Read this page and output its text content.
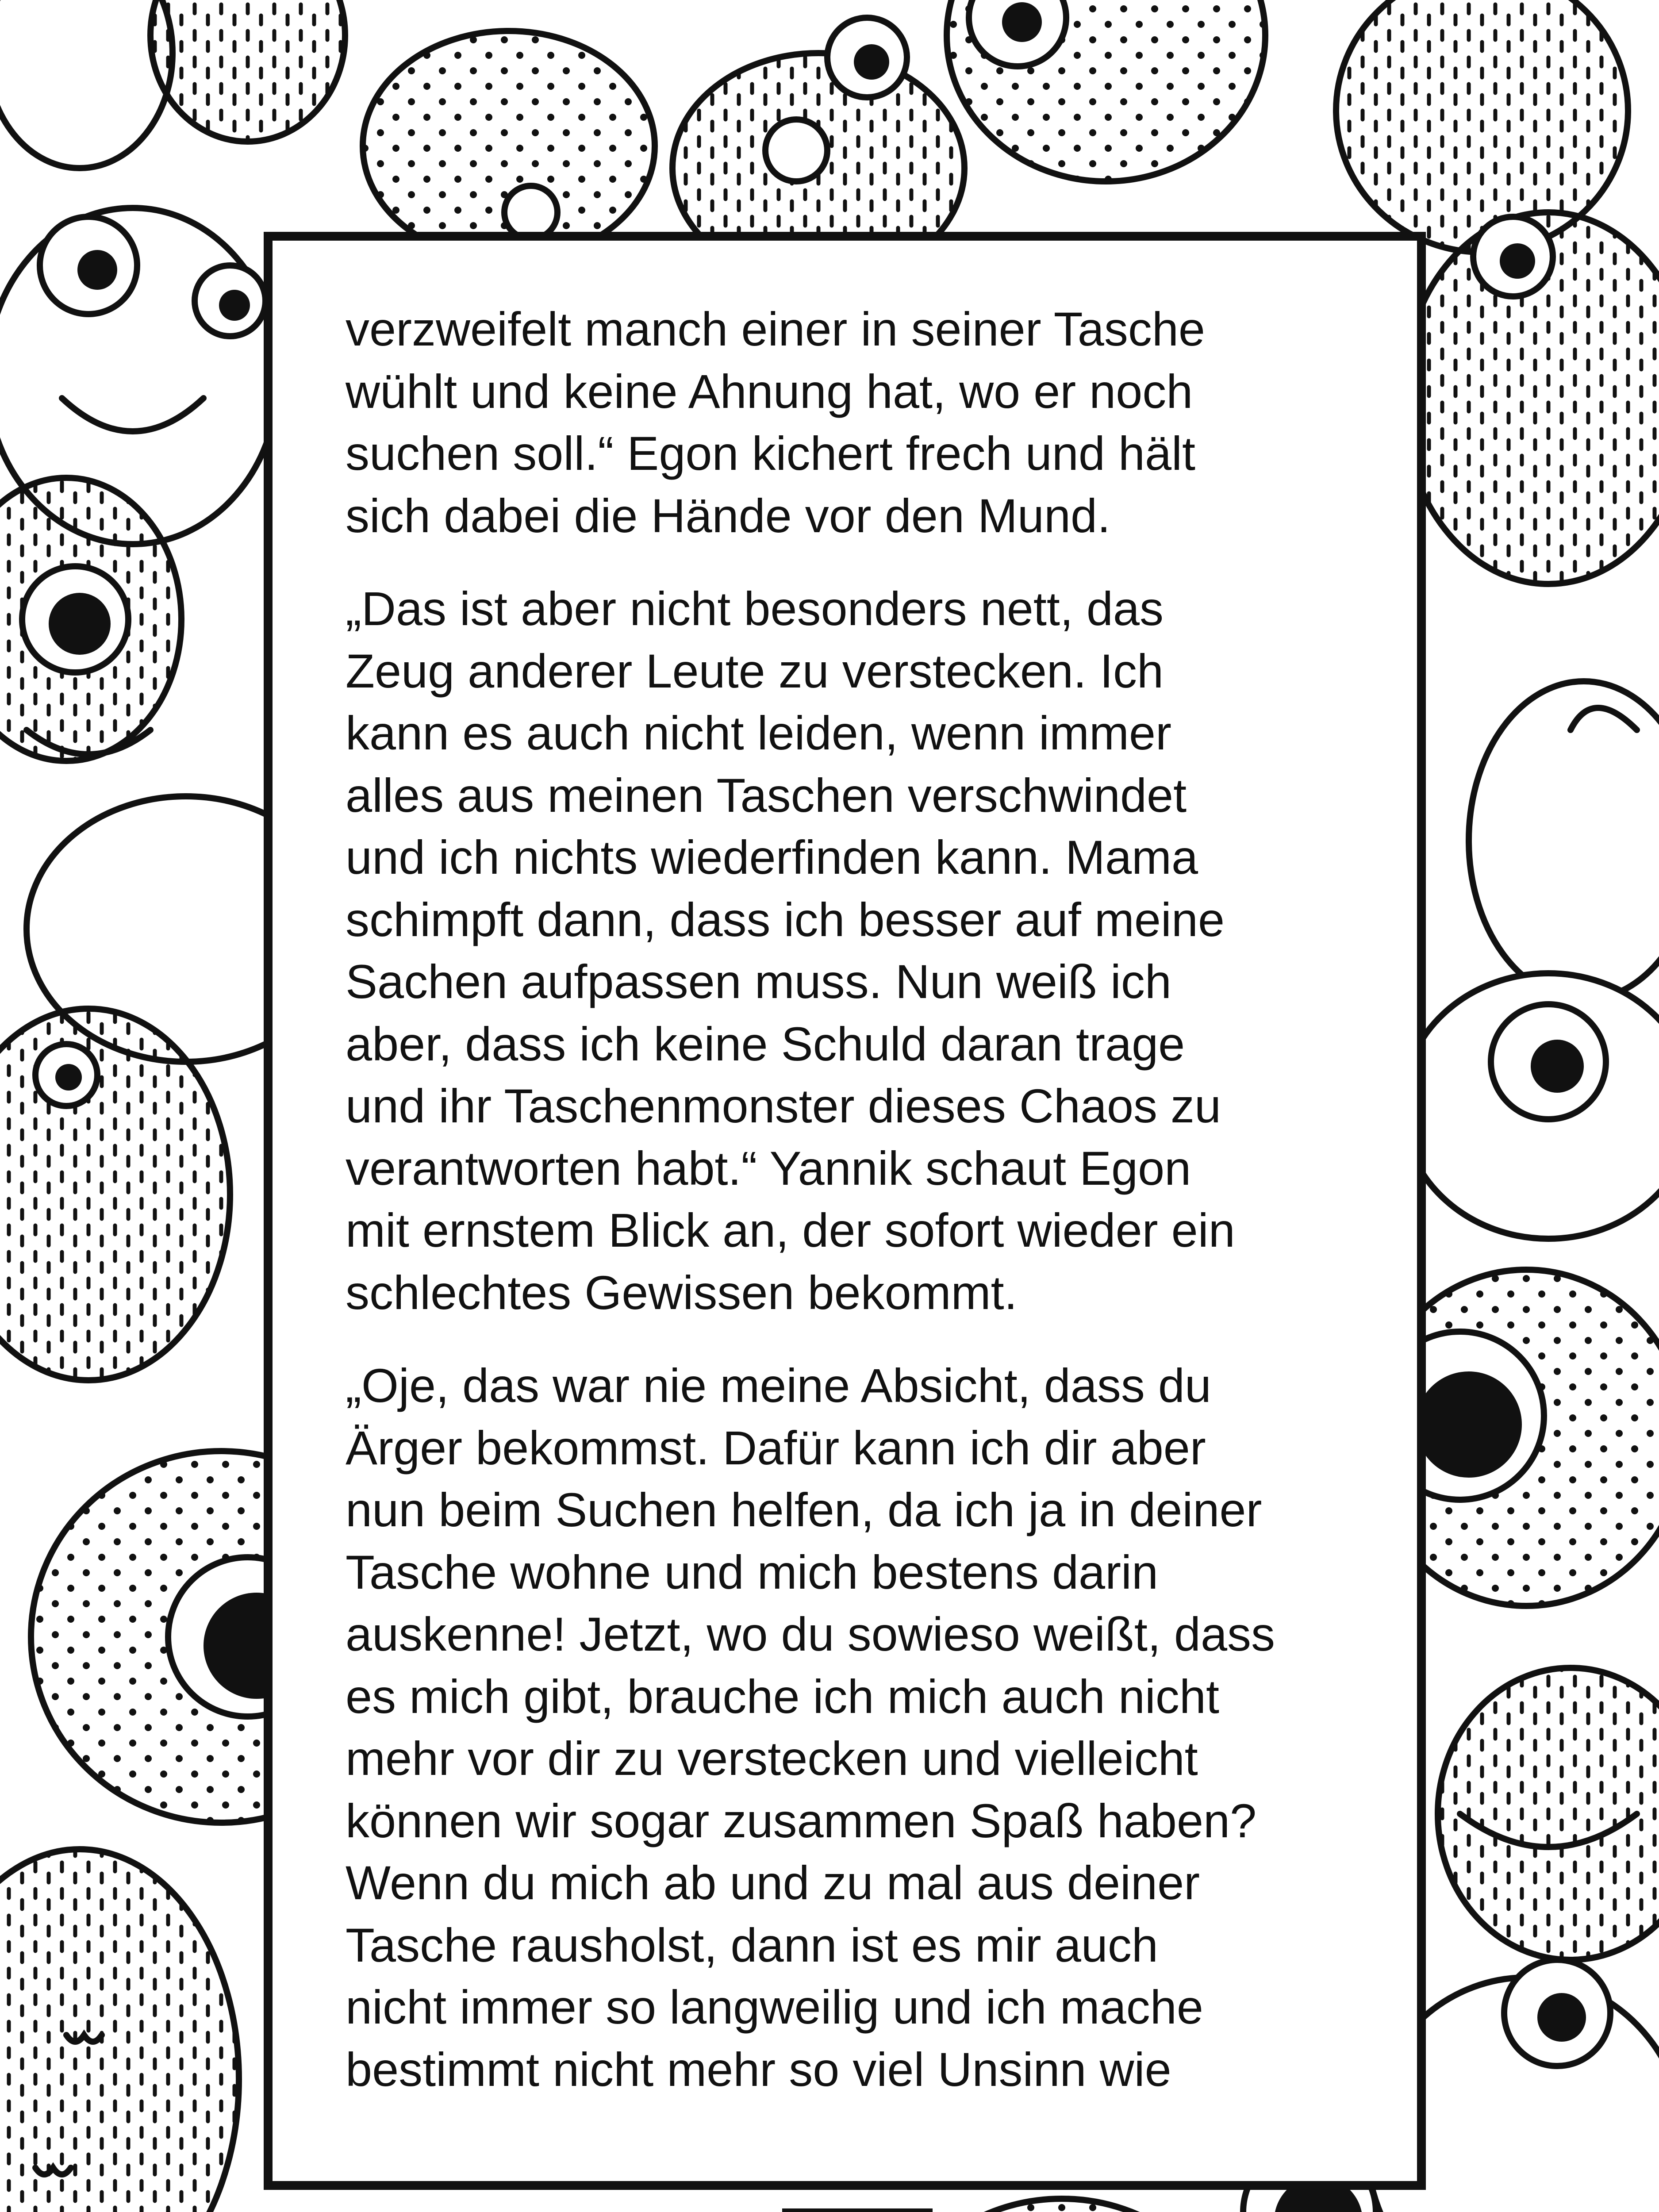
verzweifelt manch einer in seiner Tasche
wühlt und keine Ahnung hat, wo er noch
suchen soll.“ Egon kichert frech und hält
sich dabei die Hände vor den Mund.

„Das ist aber nicht besonders nett, das
Zeug anderer Leute zu verstecken. Ich
kann es auch nicht leiden, wenn immer
alles aus meinen Taschen verschwindet
und ich nichts wiederfinden kann. Mama
schimpft dann, dass ich besser auf meine
Sachen aufpassen muss. Nun weiß ich
aber, dass ich keine Schuld daran trage
und ihr Taschenmonster dieses Chaos zu
verantworten habt.“ Yannik schaut Egon
mit ernstem Blick an, der sofort wieder ein
schlechtes Gewissen bekommt.

„Oje, das war nie meine Absicht, dass du
Ärger bekommst. Dafür kann ich dir aber
nun beim Suchen helfen, da ich ja in deiner
Tasche wohne und mich bestens darin
auskenne! Jetzt, wo du sowieso weißt, dass
es mich gibt, brauche ich mich auch nicht
mehr vor dir zu verstecken und vielleicht
können wir sogar zusammen Spaß haben?
Wenn du mich ab und zu mal aus deiner
Tasche rausholst, dann ist es mir auch
nicht immer so langweilig und ich mache
bestimmt nicht mehr so viel Unsinn wie
